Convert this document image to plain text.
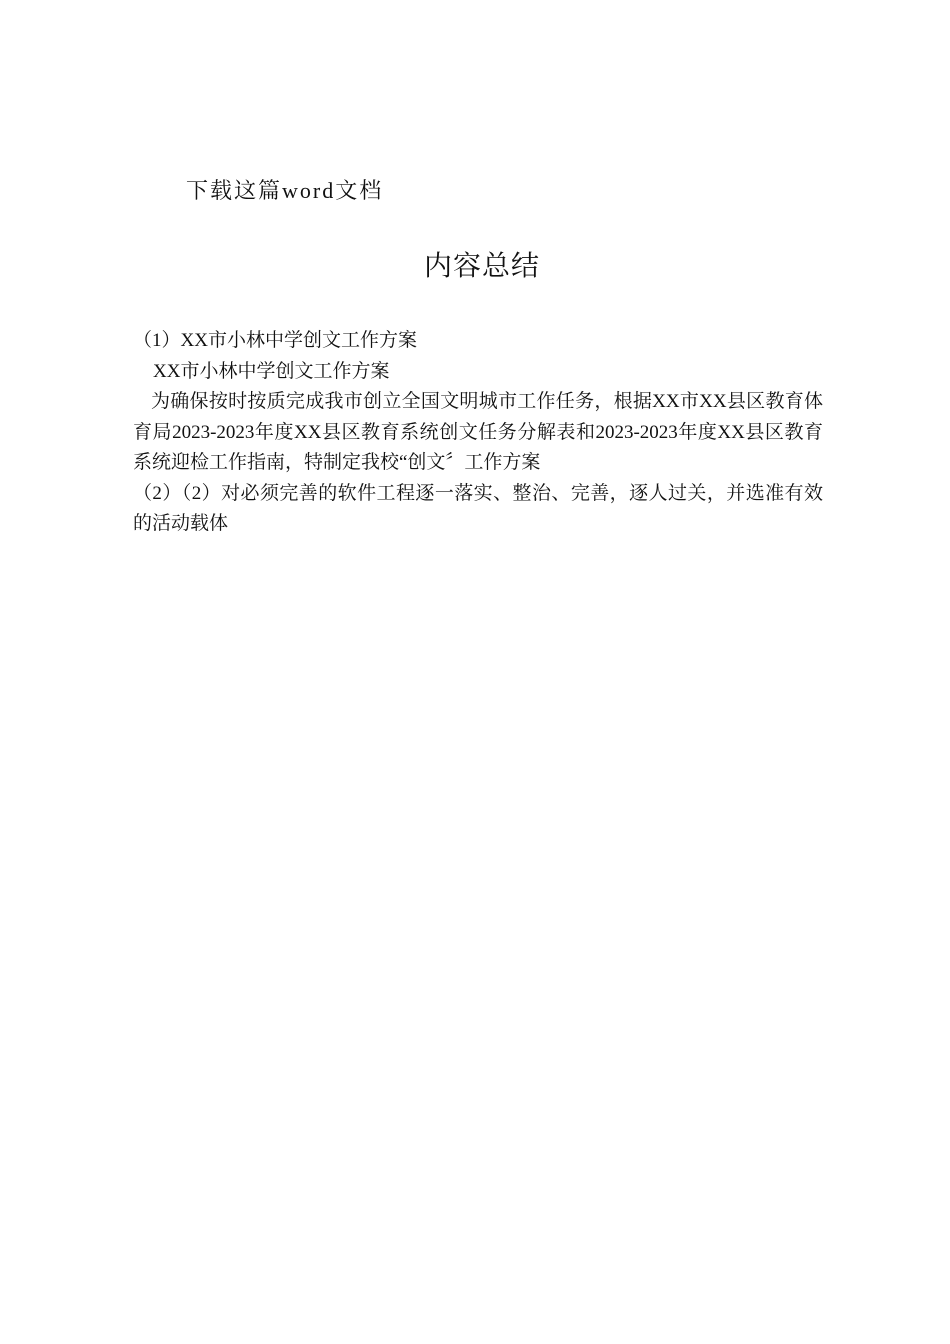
下载这篇word文档
内容总结

（1）XX市小林中学创文工作方案

XX市小林中学创文工作方案

为确保按时按质完成我市创立全国文明城市工作任务，根据XX市XX县区教育体育局2023-2023年度XX县区教育系统创文任务分解表和2023-2023年度XX县区教育系统迎检工作指南，特制定我校“创文〞工作方案

（2）（2）对必须完善的软件工程逐一落实、整治、完善，逐人过关，并选准有效的活动载体
